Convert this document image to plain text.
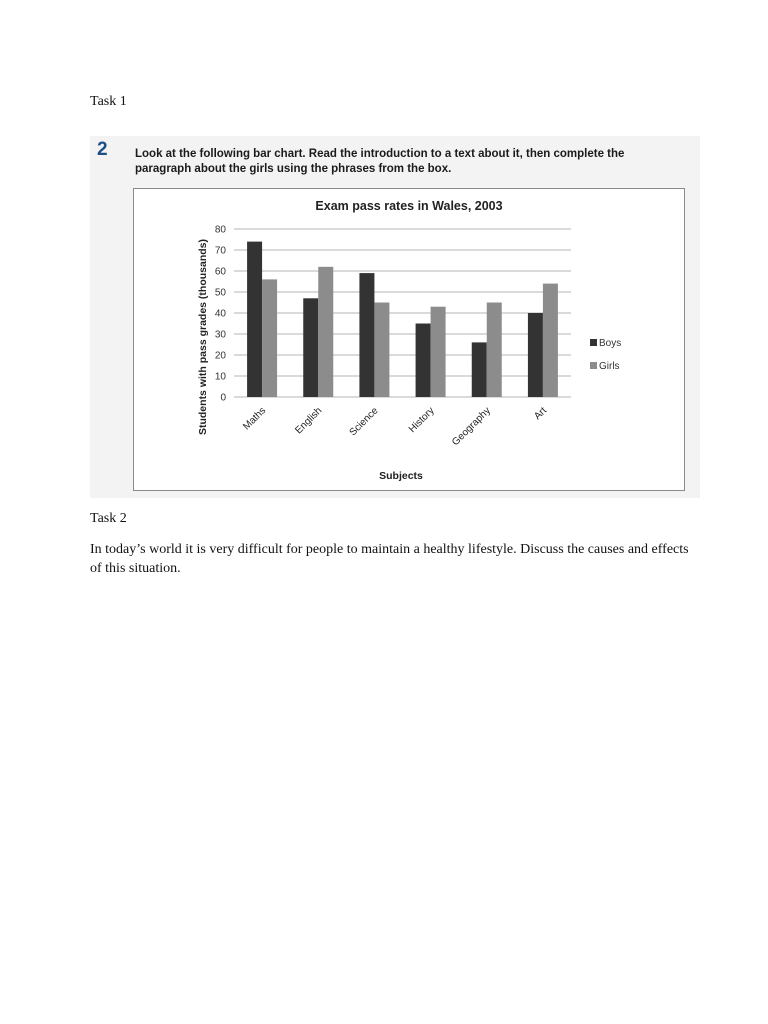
Task 1
2 Look at the following bar chart. Read the introduction to a text about it, then complete the paragraph about the girls using the phrases from the box.

Exam pass rates in Wales, 2003
0
10
20
30
40
50
60
70
80
Maths	English Science	History Geography	Art
Students with pass grades (thousands)
Subjects
Boys
Girls
Task 2

In today’s world it is very difficult for people to maintain a healthy lifestyle. Discuss the causes and effects of this situation.
